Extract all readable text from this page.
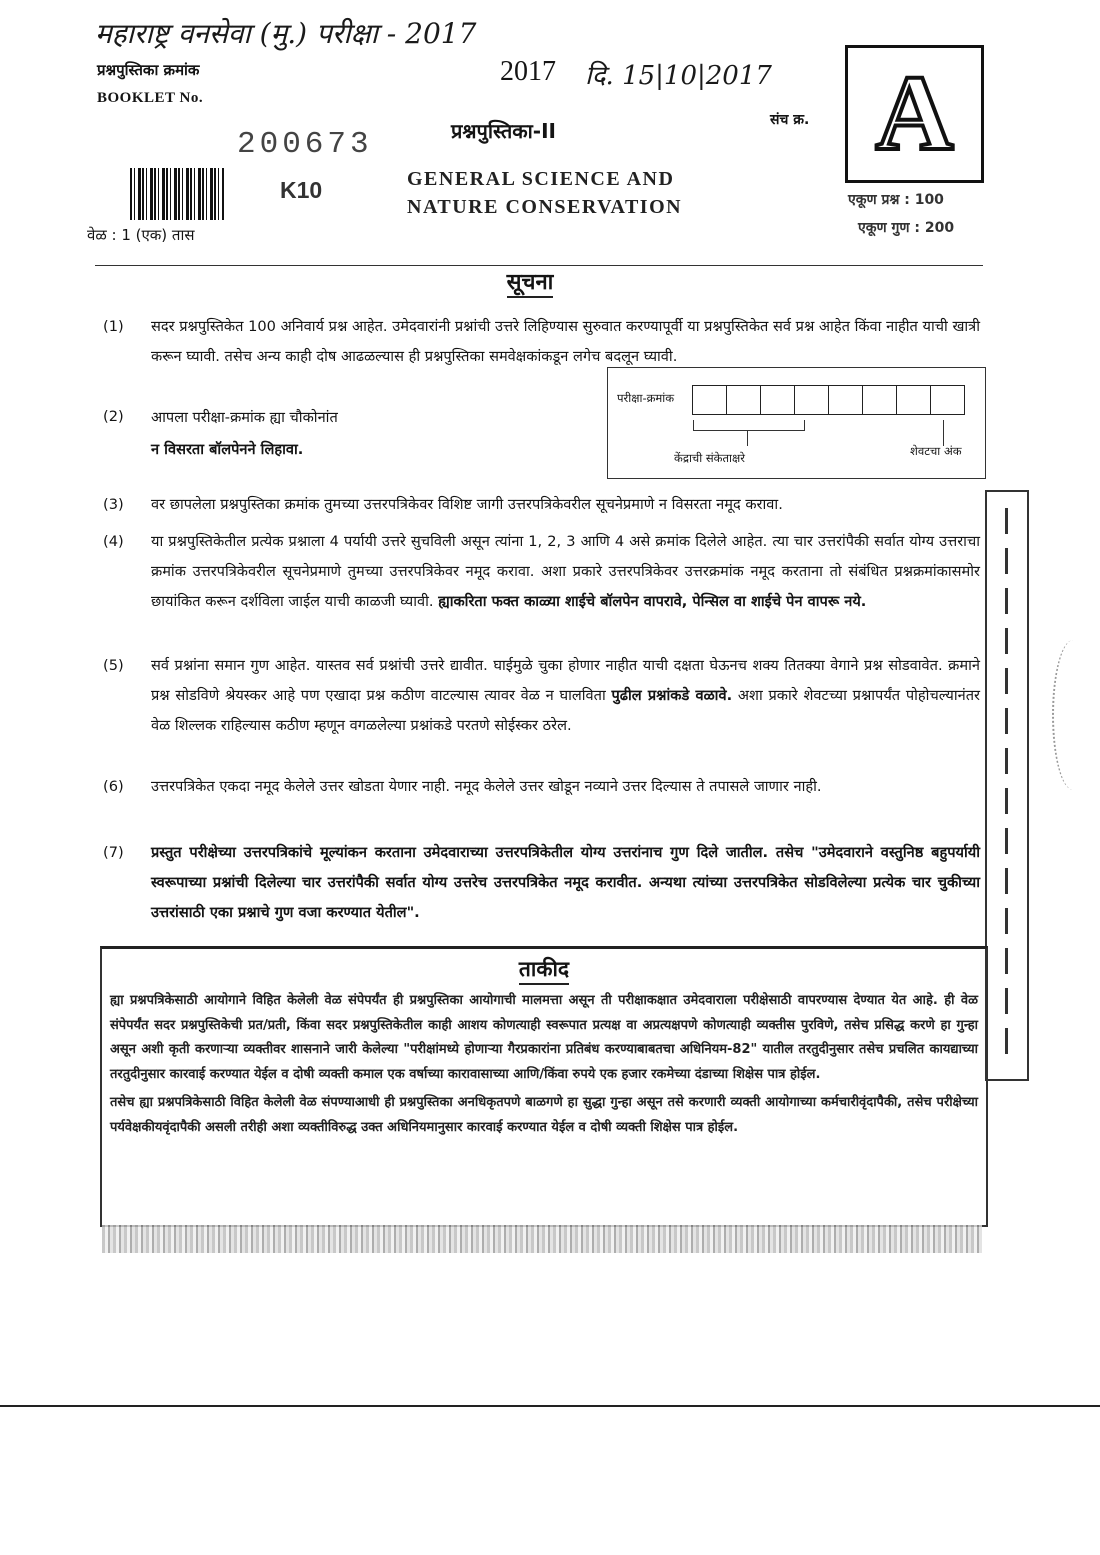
महाराष्ट्र वनसेवा (मु.) परीक्षा - 2017
प्रश्नपुस्तिका क्रमांक
BOOKLET No.
200673
2017 दि. 15|10|2017
प्रश्नपुस्तिका-II	संच क्र. A
K10	GENERAL SCIENCE AND
NATURE CONSERVATION	एकूण प्रश्न : 100
एकूण गुण : 200
वेळ : 1 (एक) तास
सूचना
(1)	सदर प्रश्नपुस्तिकेत 100 अनिवार्य प्रश्न आहेत. उमेदवारांनी प्रश्नांची उत्तरे लिहिण्यास सुरुवात करण्यापूर्वी या प्रश्नपुस्तिकेत सर्व प्रश्न आहेत किंवा नाहीत याची खात्री करून घ्यावी. तसेच अन्य काही दोष आढळल्यास ही प्रश्नपुस्तिका समवेक्षकांकडून लगेच बदलून घ्यावी.
(2)	आपला परीक्षा-क्रमांक ह्या चौकोनांत
न विसरता बॉलपेनने लिहावा.
परीक्षा-क्रमांक
केंद्राची संकेताक्षरे	शेवटचा अंक
(3)	वर छापलेला प्रश्नपुस्तिका क्रमांक तुमच्या उत्तरपत्रिकेवर विशिष्ट जागी उत्तरपत्रिकेवरील सूचनेप्रमाणे न विसरता नमूद करावा.
(4)	या प्रश्नपुस्तिकेतील प्रत्येक प्रश्नाला 4 पर्यायी उत्तरे सुचविली असून त्यांना 1, 2, 3 आणि 4 असे क्रमांक दिलेले आहेत. त्या चार उत्तरांपैकी सर्वात योग्य उत्तराचा क्रमांक उत्तरपत्रिकेवरील सूचनेप्रमाणे तुमच्या उत्तरपत्रिकेवर नमूद करावा. अशा प्रकारे उत्तरपत्रिकेवर उत्तरक्रमांक नमूद करताना तो संबंधित प्रश्नक्रमांकासमोर छायांकित करून दर्शविला जाईल याची काळजी घ्यावी. ह्याकरिता फक्त काळ्या शाईचे बॉलपेन वापरावे, पेन्सिल वा शाईचे पेन वापरू नये.
(5)	सर्व प्रश्नांना समान गुण आहेत. यास्तव सर्व प्रश्नांची उत्तरे द्यावीत. घाईमुळे चुका होणार नाहीत याची दक्षता घेऊनच शक्य तितक्या वेगाने प्रश्न सोडवावेत. क्रमाने प्रश्न सोडविणे श्रेयस्कर आहे पण एखादा प्रश्न कठीण वाटल्यास त्यावर वेळ न घालविता पुढील प्रश्नांकडे वळावे. अशा प्रकारे शेवटच्या प्रश्नापर्यंत पोहोचल्यानंतर वेळ शिल्लक राहिल्यास कठीण म्हणून वगळलेल्या प्रश्नांकडे परतणे सोईस्कर ठरेल.
(6)	उत्तरपत्रिकेत एकदा नमूद केलेले उत्तर खोडता येणार नाही. नमूद केलेले उत्तर खोडून नव्याने उत्तर दिल्यास ते तपासले जाणार नाही.
(7)	प्रस्तुत परीक्षेच्या उत्तरपत्रिकांचे मूल्यांकन करताना उमेदवाराच्या उत्तरपत्रिकेतील योग्य उत्तरांनाच गुण दिले जातील. तसेच "उमेदवाराने वस्तुनिष्ठ बहुपर्यायी स्वरूपाच्या प्रश्नांची दिलेल्या चार उत्तरांपैकी सर्वात योग्य उत्तरेच उत्तरपत्रिकेत नमूद करावीत. अन्यथा त्यांच्या उत्तरपत्रिकेत सोडविलेल्या प्रत्येक चार चुकीच्या उत्तरांसाठी एका प्रश्नाचे गुण वजा करण्यात येतील".
ताकीद

ह्या प्रश्नपत्रिकेसाठी आयोगाने विहित केलेली वेळ संपेपर्यंत ही प्रश्नपुस्तिका आयोगाची मालमत्ता असून ती परीक्षाकक्षात उमेदवाराला परीक्षेसाठी वापरण्यास देण्यात येत आहे. ही वेळ संपेपर्यंत सदर प्रश्नपुस्तिकेची प्रत/प्रती, किंवा सदर प्रश्नपुस्तिकेतील काही आशय कोणत्याही स्वरूपात प्रत्यक्ष वा अप्रत्यक्षपणे कोणत्याही व्यक्तीस पुरविणे, तसेच प्रसिद्ध करणे हा गुन्हा असून अशी कृती करणाऱ्या व्यक्तीवर शासनाने जारी केलेल्या "परीक्षांमध्ये होणाऱ्या गैरप्रकारांना प्रतिबंध करण्याबाबतचा अधिनियम-82" यातील तरतुदीनुसार तसेच प्रचलित कायद्याच्या तरतुदीनुसार कारवाई करण्यात येईल व दोषी व्यक्ती कमाल एक वर्षाच्या कारावासाच्या आणि/किंवा रुपये एक हजार रकमेच्या दंडाच्या शिक्षेस पात्र होईल.

तसेच ह्या प्रश्नपत्रिकेसाठी विहित केलेली वेळ संपण्याआधी ही प्रश्नपुस्तिका अनधिकृतपणे बाळगणे हा सुद्धा गुन्हा असून तसे करणारी व्यक्ती आयोगाच्या कर्मचारीवृंदापैकी, तसेच परीक्षेच्या पर्यवेक्षकीयवृंदापैकी असली तरीही अशा व्यक्तीविरुद्ध उक्त अधिनियमानुसार कारवाई करण्यात येईल व दोषी व्यक्ती शिक्षेस पात्र होईल.
